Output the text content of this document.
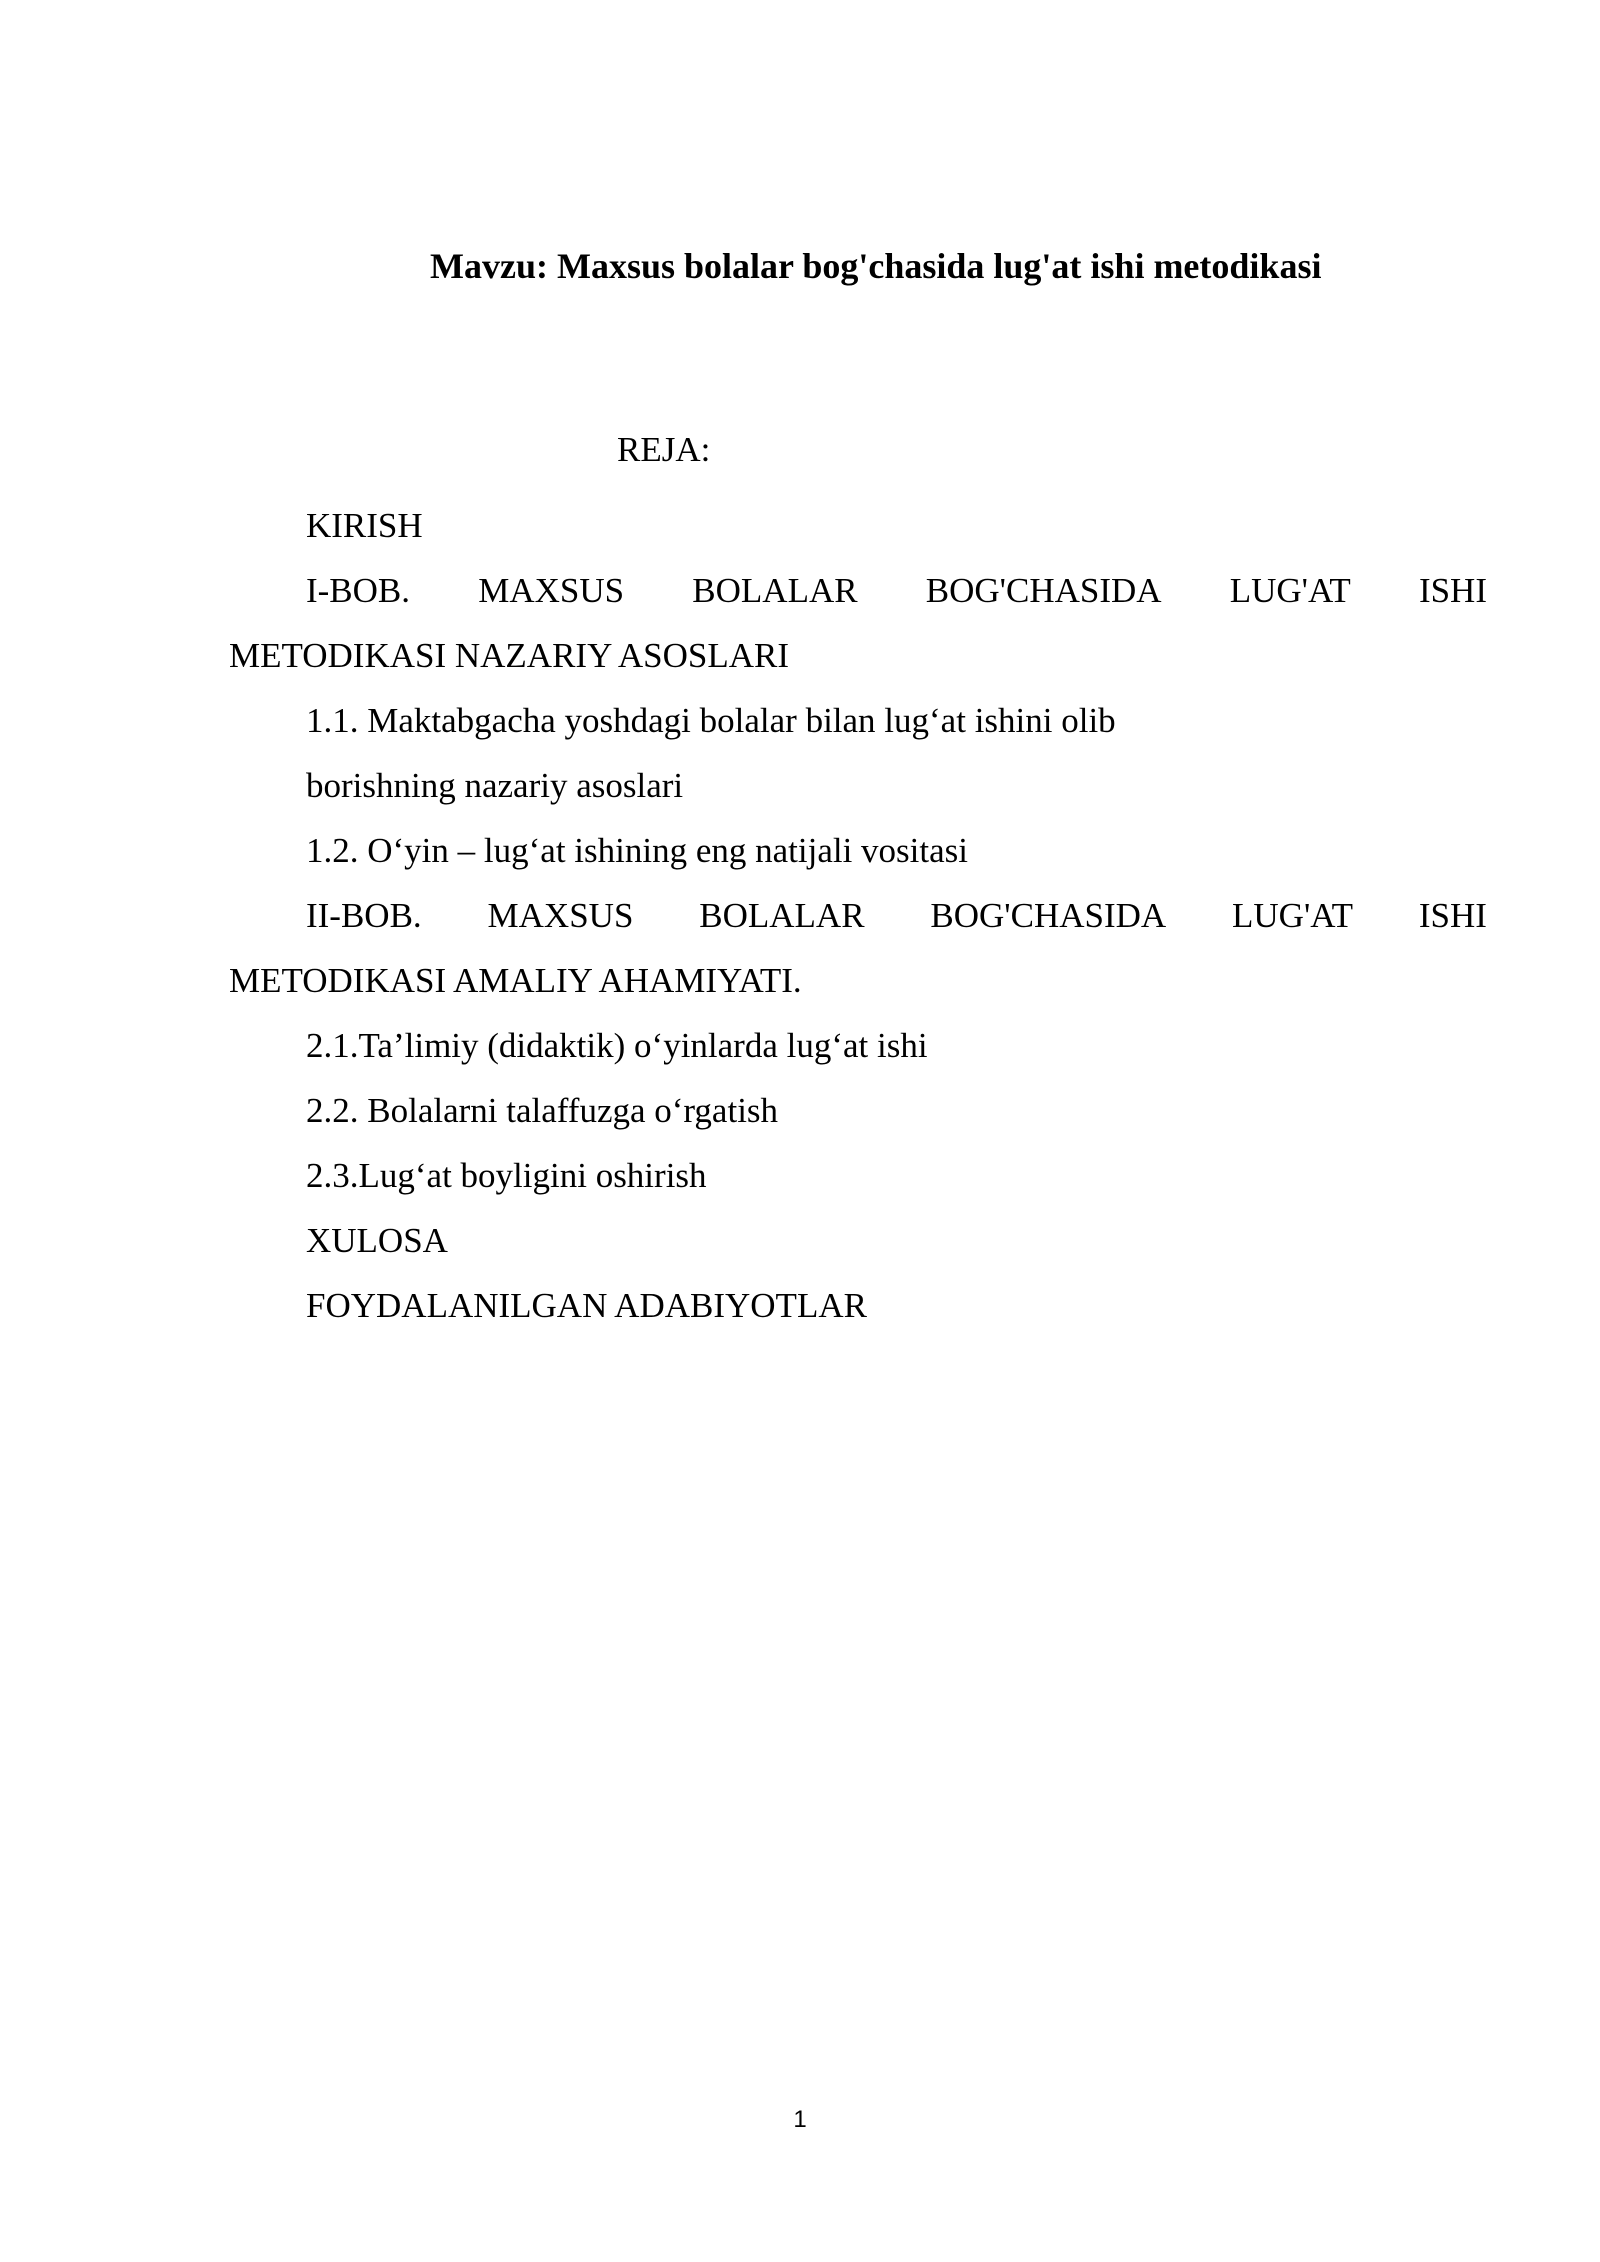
Mavzu: Maxsus bolalar bog'chasida lug'at ishi metodikasi
REJA:
KIRISH
I-BOB. MAXSUS BOLALAR BOG'CHASIDA LUG'AT ISHI
METODIKASI NAZARIY ASOSLARI
1.1. Maktabgacha yoshdagi bolalar bilan lug‘at ishini olib
borishning nazariy asoslari
1.2. O‘yin – lug‘at ishining eng natijali vositasi
II-BOB. MAXSUS BOLALAR BOG'CHASIDA LUG'AT ISHI
METODIKASI AMALIY AHAMIYATI.
2.1.Ta’limiy (didaktik) o‘yinlarda lug‘at ishi
2.2. Bolalarni talaffuzga o‘rgatish
2.3.Lug‘at boyligini oshirish
XULOSA
FOYDALANILGAN ADABIYOTLAR
1
